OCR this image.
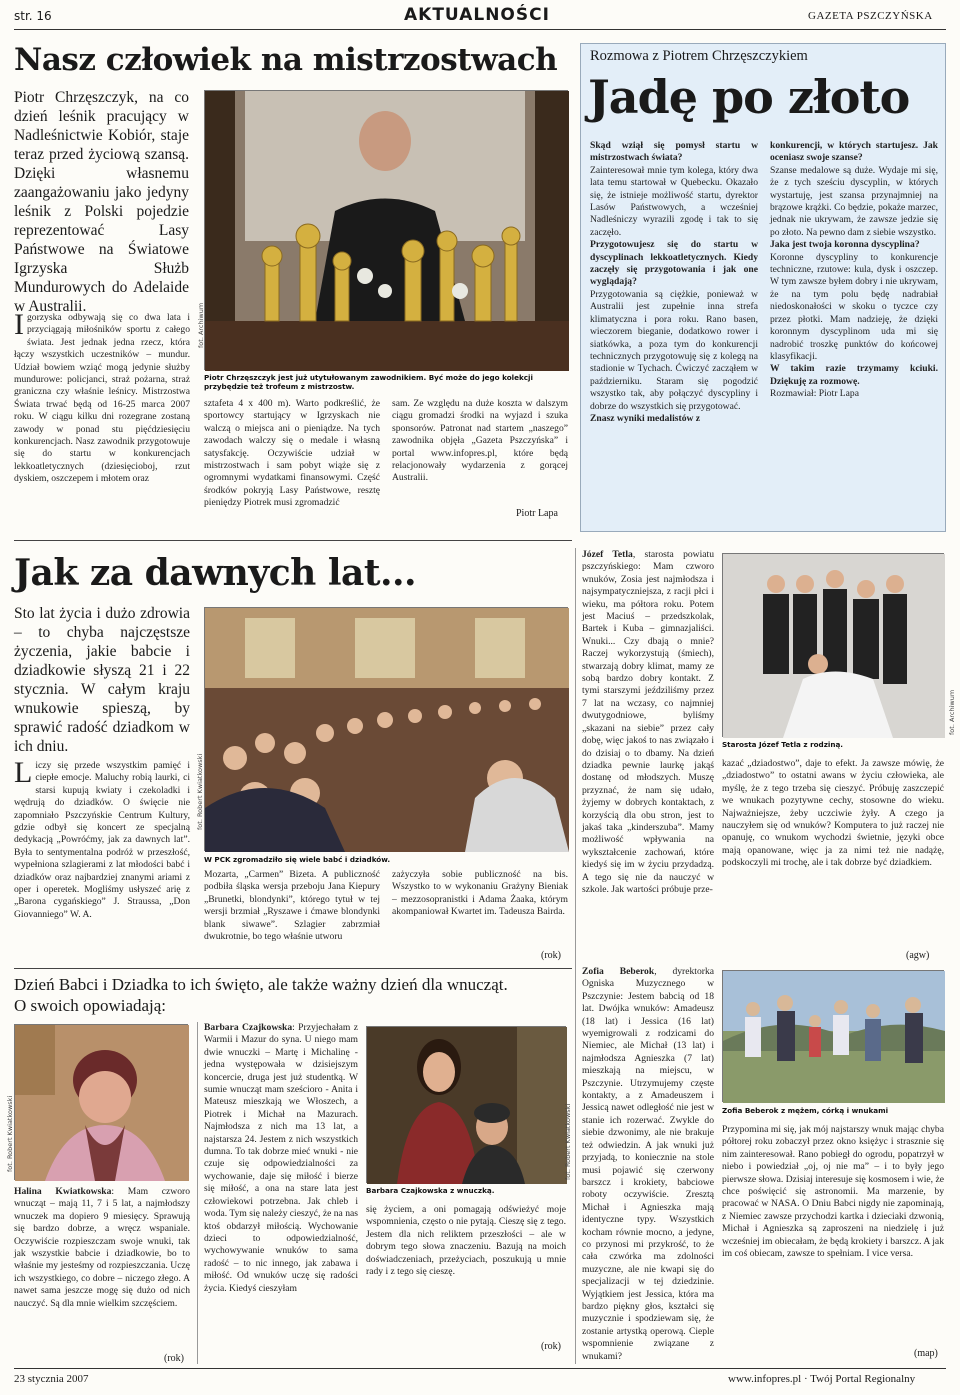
str. 16	AKTUALNOŚCI	GAZETA PSZCZYŃSKA
Nasz człowiek na mistrzostwach
Piotr Chrzęszczyk, na co dzień leśnik pracujący w Nadleśnictwie Kobiór, staje teraz przed życiową szansą. Dzięki własnemu zaangażowaniu jako jedyny leśnik z Polski pojedzie reprezentować Lasy Państwowe na Światowe Igrzyska Służb Mundurowych do Adelaide w Australii.	fot. Archiwum
Piotr Chrzęszczyk jest już utytułowanym zawodnikiem. Być może do jego kolekcji przybędzie też trofeum z mistrzostw.
Igorzyska odbywają się co dwa lata i przyciągają miłośników sportu z całego świata. Jest jednak jedna rzecz, która łączy wszystkich uczestników – mundur. Udział bowiem wziąć mogą jedynie służby mundurowe: policjanci, straż pożarna, straż graniczna czy właśnie leśnicy. Mistrzostwa Świata trwać będą od 16-25 marca 2007 roku. W ciągu kilku dni rozegrane zostaną zawody w ponad stu pięćdziesięciu konkurencjach. Nasz zawodnik przygotowuje się do startu w konkurencjach lekkoatletycznych (dziesięcioboj, rzut dyskiem, oszczepem i młotem oraz
sztafeta 4 x 400 m). Warto podkreślić, że sportowcy startujący w Igrzyskach nie walczą o miejsca ani o pieniądze. Na tych zawodach walczy się o medale i własną satysfakcję. Oczywiście udział w mistrzostwach i sam pobyt wiąże się z ogromnymi wydatkami finansowymi. Część środków pokryją Lasy Państwowe, resztę pieniędzy Piotrek musi zgromadzić
sam. Ze względu na duże koszta w dalszym ciągu gromadzi środki na wyjazd i szuka sponsorów. Patronat nad startem „naszego” zawodnika objęła „Gazeta Pszczyńska” i portal www.infopres.pl, które będą relacjonowały wydarzenia z gorącej Australii.
Piotr Lapa
Rozmowa z Piotrem Chrzęszczykiem
Jadę po złoto
Skąd wziął się pomysł startu w mistrzostwach świata?
Zainteresował mnie tym kolega, który dwa lata temu startował w Quebecku. Okazało się, że istnieje możliwość startu, dyrektor Lasów Państwowych, a wcześniej Nadleśniczy wyrazili zgodę i tak to się zaczęło.
Przygotowujesz się do startu w dyscyplinach lekkoatletycznych. Kiedy zaczęły się przygotowania i jak one wyglądają?
Przygotowania są ciężkie, ponieważ w Australii jest zupełnie inna strefa klimatyczna i pora roku. Rano basen, wieczorem bieganie, dodatkowo rower i siatkówka, a poza tym do konkurencji technicznych przygotowuję się z kolegą na stadionie w Tychach. Ćwiczyć zacząłem w październiku. Staram się pogodzić wszystko tak, aby połączyć dyscypliny i dobrze do wszystkich się przygotować.
Znasz wyniki medalistów z
konkurencji, w których startujesz. Jak oceniasz swoje szanse?
Szanse medalowe są duże. Wydaje mi się, że z tych sześciu dyscyplin, w których wystartuję, jest szansa przynajmniej na brązowe krążki. Co będzie, pokaże marzec, jednak nie ukrywam, że zawsze jedzie się po złoto. Na pewno dam z siebie wszystko.
Jaka jest twoja koronna dyscyplina?
Koronne dyscypliny to konkurencje techniczne, rzutowe: kula, dysk i oszczep. W tym zawsze byłem dobry i nie ukrywam, że na tym polu będę nadrabiał niedoskonałości w skoku o tyczce czy przez płotki. Mam nadzieję, że dzięki koronnym dyscyplinom uda mi się nadrobić troszkę punktów do końcowej klasyfikacji.
W takim razie trzymamy kciuki. Dziękuję za rozmowę.
Rozmawiał: Piotr Lapa
Jak za dawnych lat...
Sto lat życia i dużo zdrowia – to chyba najczęstsze życzenia, jakie babcie i dziadkowie słyszą 21 i 22 stycznia. W całym kraju wnukowie spieszą, by sprawić radość dziadkom w ich dniu.
fot. Robert Kwiatkowski
W PCK zgromadziło się wiele babć i dziadków.
Liczy się przede wszystkim pamięć i ciepłe emocje. Maluchy robią laurki, ci starsi kupują kwiaty i czekoladki i wędrują do dziadków. O święcie nie zapomniało Pszczyńskie Centrum Kultury, gdzie odbył się koncert ze specjalną dedykacją „Powróćmy, jak za dawnych lat”. Była to sentymentalna podróż w przeszłość, wypełniona szlagierami z lat młodości babć i dziadków oraz najbardziej znanymi ariami z oper i operetek. Mogliśmy usłyszeć arię z „Barona cygańskiego” J. Straussa, „Don Giovanniego” W. A.
Mozarta, „Carmen” Bizeta. A publiczność podbiła śląska wersja przeboju Jana Kiepury „Brunetki, blondynki”, którego tytuł w tej wersji brzmiał „Ryszawe i ćmawe blondynki blank siwawe”. Szlagier zabrzmiał dwukrotnie, bo tego właśnie utworu
zażyczyła sobie publiczność na bis. Wszystko to w wykonaniu Grażyny Bieniak – mezzosopranistki i Adama Żaaka, którym akompaniował Kwartet im. Tadeusza Bairda.
(rok)
Józef Tetla, starosta powiatu pszczyńskiego: Mam czworo wnuków, Zosia jest najmłodsza i najsympatyczniejsza, z racji płci i wieku, ma półtora roku. Potem jest Maciuś – przedszkolak, Bartek i Kuba – gimnazjaliści. Wnuki... Czy dbają o mnie? Raczej wykorzystują (śmiech), stwarzają dobry klimat, mamy ze sobą bardzo dobry kontakt. Z tymi starszymi jeździliśmy przez 7 lat na wczasy, co najmniej dwutygodniowe, byliśmy „skazani na siebie” przez cały dobę, więc jakoś to nas związało i do dzisiaj o to dbamy. Na dzień dziadka pewnie laurkę jakąś dostanę od młodszych. Muszę przyznać, że nam się udało, żyjemy w dobrych kontaktach, z korzyścią dla obu stron, jest to jakaś taka „kinderszuba”. Mamy możliwość wpływania na wykształcenie zachowań, które kiedyś się im w życiu przydadzą. A tego się nie da nauczyć w szkole. Jak wartości próbuje prze-
fot. Archiwum
Starosta Józef Tetla z rodziną.
kazać „dziadostwo”, daje to efekt. Ja zawsze mówię, że „dziadostwo” to ostatni awans w życiu człowieka, ale myślę, że z tego trzeba się cieszyć. Próbuję zaszczepić we wnukach pozytywne cechy, stosowne do wieku. Najważniejsze, żeby uczciwie żyły. A czego ja nauczyłem się od wnuków? Komputera to już raczej nie opanuję, co wnukom wychodzi świetnie, języki obce mają opanowane, więc ja za nimi też nie nadążę, podskoczyli mi trochę, ale i tak dobrze być dziadkiem.
(agw)
Dzień Babci i Dziadka to ich święto, ale także ważny dzień dla wnucząt.
O swoich opowiadają:
fot. Robert Kwiatkowski
Halina Kwiatkowska: Mam czworo wnucząt – mają 11, 7 i 5 lat, a najmłodszy wnuczek ma dopiero 9 miesięcy. Sprawują się bardzo dobrze, a wręcz wspaniale. Oczywiście rozpieszczam swoje wnuki, tak jak wszystkie babcie i dziadkowie, bo to właśnie my jesteśmy od rozpieszczania. Uczę ich wszystkiego, co dobre – niczego złego. A nawet sama jeszcze mogę się dużo od nich nauczyć. Są dla mnie wielkim szczęściem.
(rok)
Barbara Czajkowska: Przyjechałam z Warmii i Mazur do syna. U niego mam dwie wnuczki – Martę i Michalinę - jedna występowała w dzisiejszym koncercie, druga jest już studentką. W sumie wnucząt mam sześcioro - Anita i Mateusz mieszkają we Włoszech, a Piotrek i Michał na Mazurach. Najmłodsza z nich ma 13 lat, a najstarsza 24. Jestem z nich wszystkich dumna. To tak dobrze mieć wnuki - nie czuje się odpowiedzialności za wychowanie, daje się miłość i bierze się miłość, a ona na stare lata jest człowiekowi potrzebna. Jak chleb i woda. Tym się należy cieszyć, że na nas ktoś obdarzył miłością. Wychowanie dzieci to odpowiedzialność, wychowywanie wnuków to sama radość – to nic innego, jak zabawa i miłość. Od wnuków uczę się radości życia. Kiedyś cieszyłam
fot. Robert Kwiatkowski
Barbara Czajkowska z wnuczką.
się życiem, a oni pomagają odświeżyć moje wspomnienia, często o nie pytają. Cieszę się z tego. Jestem dla nich reliktem przeszłości – ale w dobrym tego słowa znaczeniu. Bazują na moich doświadczeniach, przeżyciach, poszukują u mnie rady i z tego się cieszę.
(rok)
Zofia Beberok, dyrektorka Ogniska Muzycznego w Pszczynie: Jestem babcią od 18 lat. Dwójka wnuków: Amadeusz (18 lat) i Jessica (16 lat) wyemigrowali z rodzicami do Niemiec, ale Michał (13 lat) i najmłodsza Agnieszka (7 lat) mieszkają na miejscu, w Pszczynie. Utrzymujemy częste kontakty, a z Amadeuszem i Jessicą nawet odległość nie jest w stanie ich rozerwać. Zwykle do siebie dzwonimy, ale nie brakuje też odwiedzin. A jak wnuki już przyjadą, to koniecznie na stole musi pojawić się czerwony barszcz i krokiety, babciowe roboty oczywiście. Zresztą Michał i Agnieszka mają identyczne typy. Wszystkich kocham równie mocno, a jedyne, co przynosi mi przykrość, to że cała czwórka ma zdolności muzyczne, ale nie kwapi się do specjalizacji w tej dziedzinie. Wyjątkiem jest Jessica, która ma bardzo piękny głos, kształci się muzycznie i spodziewam się, że zostanie artystką operową. Cieple wspomnienie związane z wnukami?
Zofia Beberok z mężem, córką i wnukami
Przypomina mi się, jak mój najstarszy wnuk mając chyba półtorej roku zobaczył przez okno księżyc i strasznie się nim zainteresował. Rano pobiegł do ogrodu, popatrzył w niebo i powiedział „oj, oj nie ma” – i to były jego pierwsze słowa. Dzisiaj interesuje się kosmosem i wie, że chce poświęcić się astronomii. Ma marzenie, by pracować w NASA. O Dniu Babci nigdy nie zapominają, z Niemiec zawsze przychodzi kartka i dzieciaki dzwonią, Michał i Agnieszka są zaproszeni na niedzielę i już wcześniej im obiecałam, że będą krokiety i barszcz. A jak im coś obiecam, zawsze to spełniam. I vice versa.
(map)
23 stycznia 2007	www.infopres.pl · Twój Portal Regionalny
